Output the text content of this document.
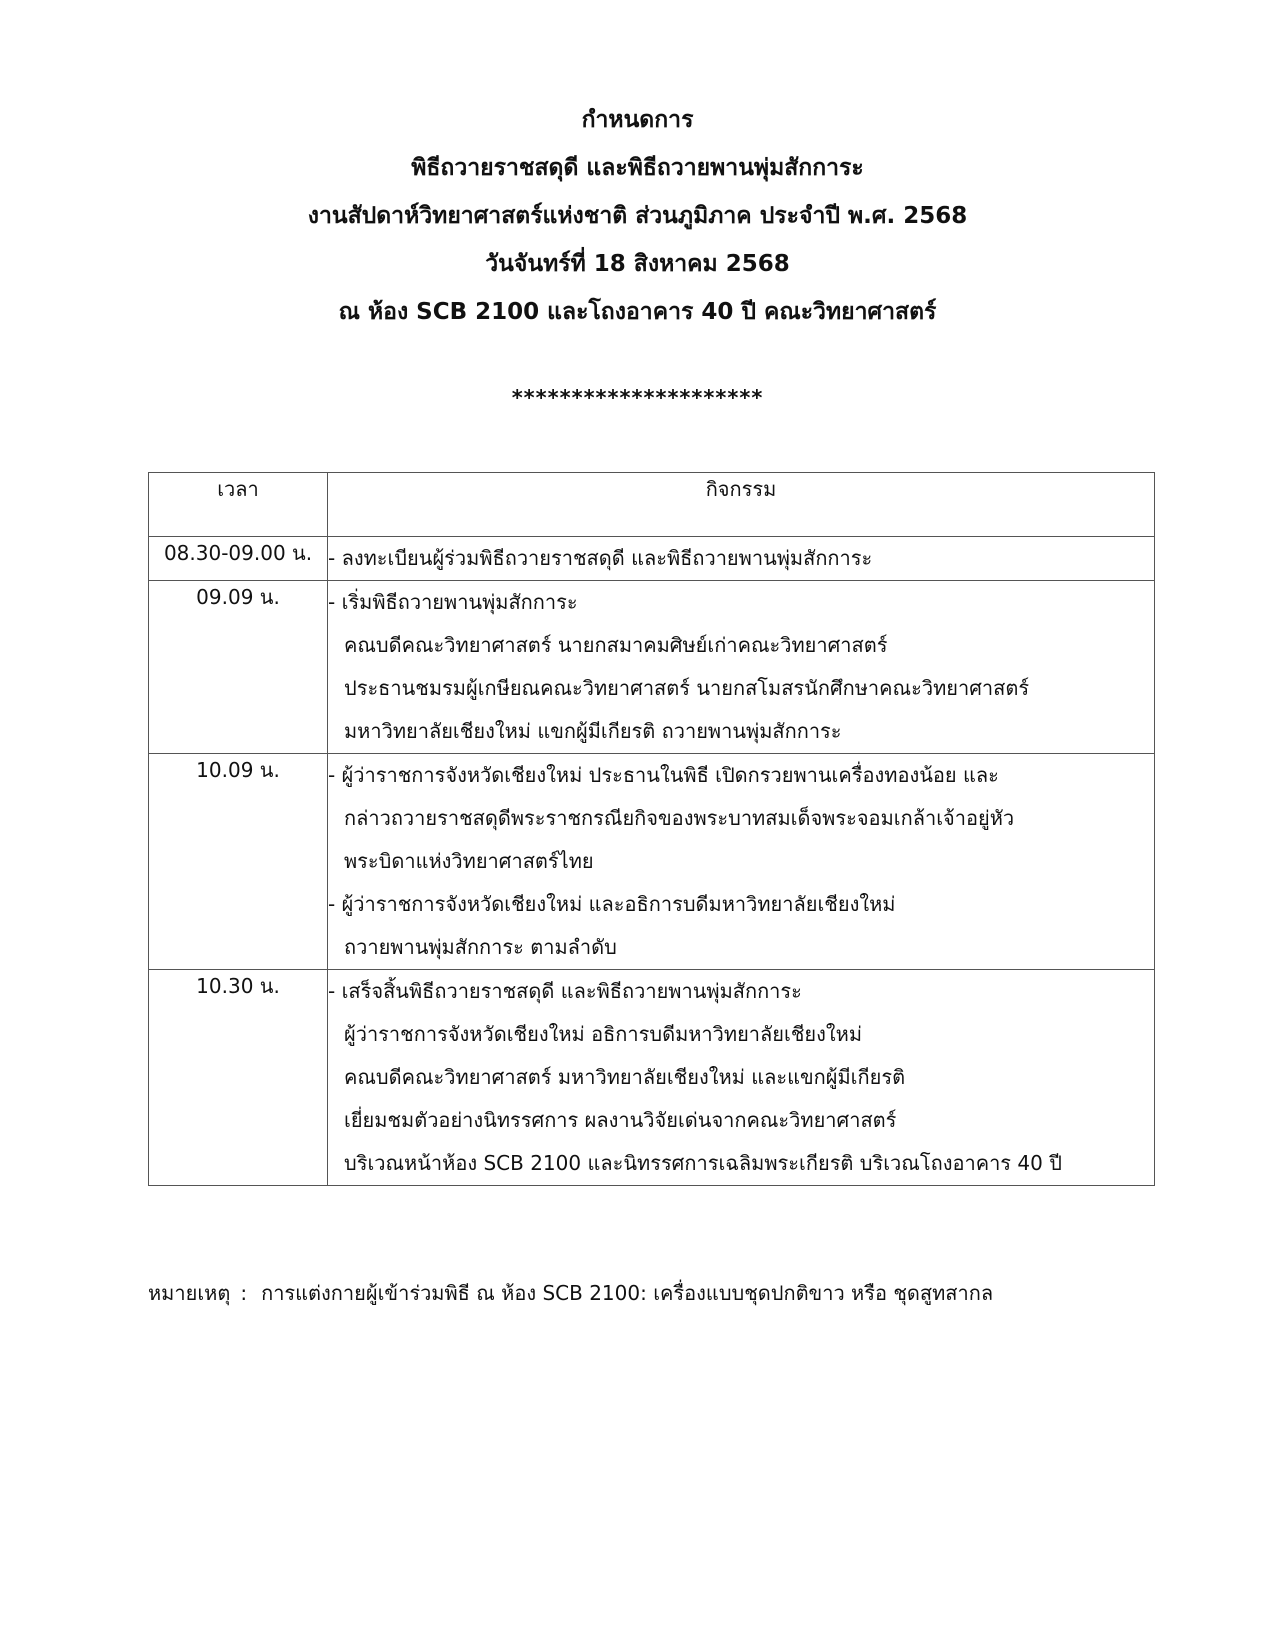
กำหนดการ
พิธีถวายราชสดุดี และพิธีถวายพานพุ่มสักการะ
งานสัปดาห์วิทยาศาสตร์แห่งชาติ ส่วนภูมิภาค ประจำปี พ.ศ. 2568
วันจันทร์ที่ 18 สิงหาคม 2568
ณ ห้อง SCB 2100 และโถงอาคาร 40 ปี คณะวิทยาศาสตร์
*********************
เวลา	กิจกรรม
08.30-09.00 น.	- ลงทะเบียนผู้ร่วมพิธีถวายราชสดุดี และพิธีถวายพานพุ่มสักการะ

09.09 น.	- เริ่มพิธีถวายพานพุ่มสักการะ
คณบดีคณะวิทยาศาสตร์ นายกสมาคมศิษย์เก่าคณะวิทยาศาสตร์
ประธานชมรมผู้เกษียณคณะวิทยาศาสตร์ นายกสโมสรนักศึกษาคณะวิทยาศาสตร์
มหาวิทยาลัยเชียงใหม่ แขกผู้มีเกียรติ ถวายพานพุ่มสักการะ

10.09 น.	- ผู้ว่าราชการจังหวัดเชียงใหม่ ประธานในพิธี เปิดกรวยพานเครื่องทองน้อย และ
กล่าวถวายราชสดุดีพระราชกรณียกิจของพระบาทสมเด็จพระจอมเกล้าเจ้าอยู่หัว
พระบิดาแห่งวิทยาศาสตร์ไทย
- ผู้ว่าราชการจังหวัดเชียงใหม่ และอธิการบดีมหาวิทยาลัยเชียงใหม่
ถวายพานพุ่มสักการะ ตามลำดับ

10.30 น.	- เสร็จสิ้นพิธีถวายราชสดุดี และพิธีถวายพานพุ่มสักการะ
ผู้ว่าราชการจังหวัดเชียงใหม่ อธิการบดีมหาวิทยาลัยเชียงใหม่
คณบดีคณะวิทยาศาสตร์ มหาวิทยาลัยเชียงใหม่ และแขกผู้มีเกียรติ
เยี่ยมชมตัวอย่างนิทรรศการ ผลงานวิจัยเด่นจากคณะวิทยาศาสตร์
บริเวณหน้าห้อง SCB 2100 และนิทรรศการเฉลิมพระเกียรติ บริเวณโถงอาคาร 40 ปี
หมายเหตุ : การแต่งกายผู้เข้าร่วมพิธี ณ ห้อง SCB 2100: เครื่องแบบชุดปกติขาว หรือ ชุดสูทสากล
